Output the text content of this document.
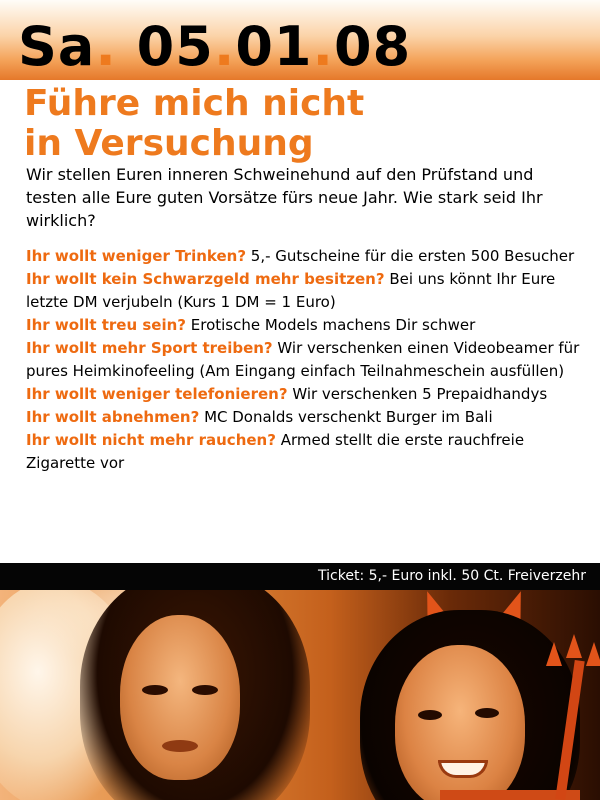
Sa. 05.01.08
Führe mich nicht
in Versuchung
Wir stellen Euren inneren Schweinehund auf den Prüfstand und testen alle Eure guten Vorsätze fürs neue Jahr. Wie stark seid Ihr wirklich?

Ihr wollt weniger Trinken? 5,- Gutscheine für die ersten 500 Besucher

Ihr wollt kein Schwarzgeld mehr besitzen? Bei uns könnt Ihr Eure letzte DM verjubeln (Kurs 1 DM = 1 Euro)

Ihr wollt treu sein? Erotische Models machens Dir schwer

Ihr wollt mehr Sport treiben? Wir verschenken einen Videobeamer für pures Heimkinofeeling (Am Eingang einfach Teilnahmeschein ausfüllen)

Ihr wollt weniger telefonieren? Wir verschenken 5 Prepaidhandys

Ihr wollt abnehmen? MC Donalds verschenkt Burger im Bali

Ihr wollt nicht mehr rauchen? Armed stellt die erste rauchfreie Zigarette vor

Ticket: 5,- Euro inkl. 50 Ct. Freiverzehr
